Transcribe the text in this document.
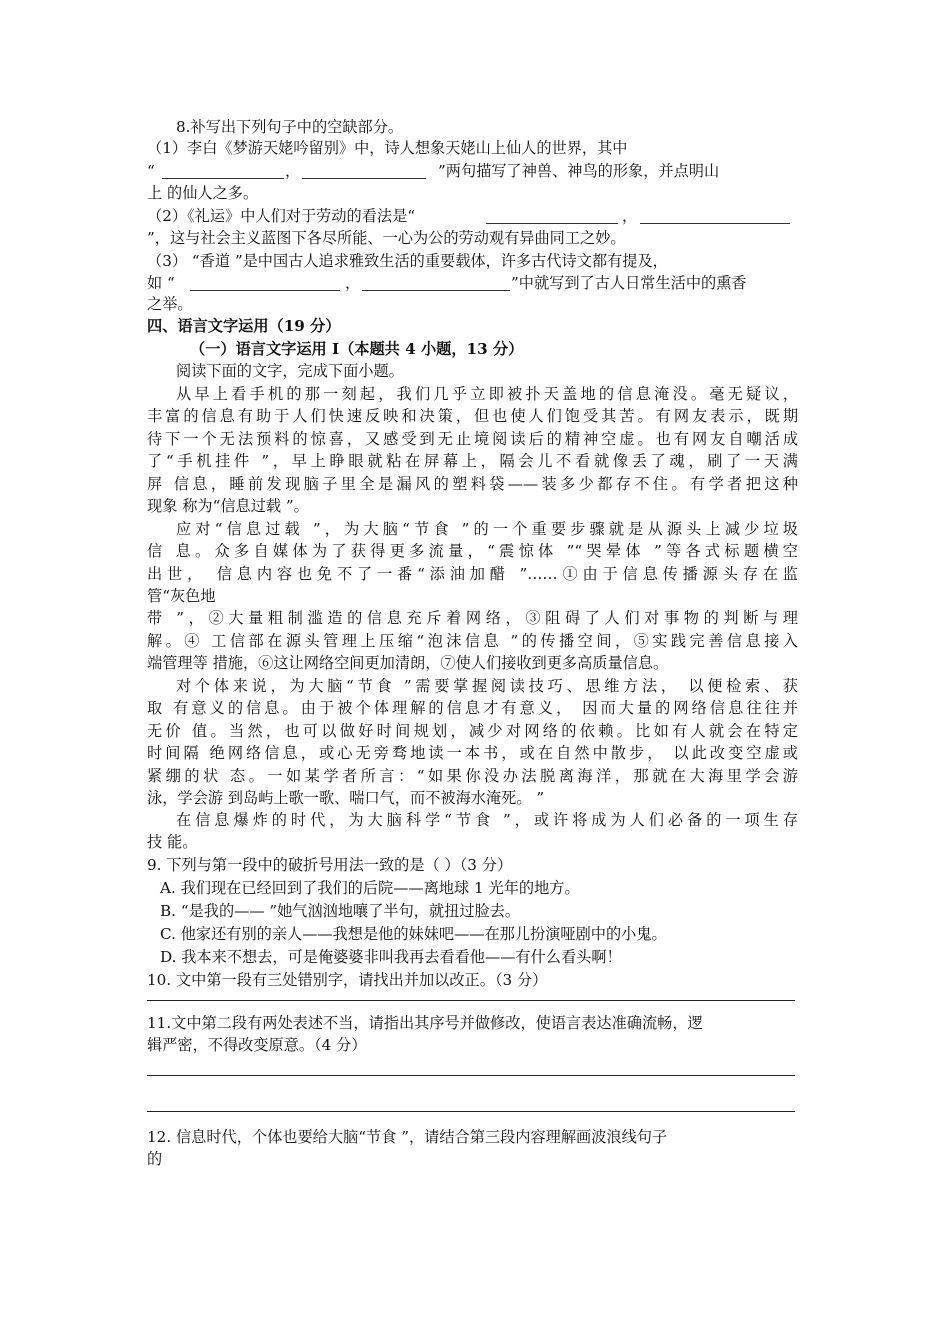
8.补写出下列句子中的空缺部分。
（1）李白《梦游天姥吟留别》中，诗人想象天姥山上仙人的世界，其中
“	，	”两句描写了神兽、神鸟的形象，并点明山
上 的仙人之多。
（2）《礼运》中人们对于劳动的看法是“	，
”，这与社会主义蓝图下各尽所能、一心为公的劳动观有异曲同工之妙。
（3） “香道 ”是中国古人追求雅致生活的重要载体，许多古代诗文都有提及，
如 “	，	”中就写到了古人日常生活中的熏香
之举。
四、语言文字运用（19 分）
（一）语言文字运用 Ⅰ（本题共 4 小题，13 分）
阅读下面的文字，完成下面小题。
从早上看手机的那一刻起，我们几乎立即被扑天盖地的信息淹没。毫无疑议，
丰富的信息有助于人们快速反映和决策，但也使人们饱受其苦。有网友表示，既期
待下一个无法预料的惊喜，又感受到无止境阅读后的精神空虚。也有网友自嘲活成
了“手机挂件 ”，早上睁眼就粘在屏幕上，隔会儿不看就像丢了魂，刷了一天满
屏 信息，睡前发现脑子里全是漏风的塑料袋——装多少都存不住。有学者把这种
现象 称为“信息过载 ”。
应对“信息过载 ”，为大脑“节食 ”的一个重要步骤就是从源头上减少垃圾
信 息。众多自媒体为了获得更多流量，“震惊体 ”“哭晕体 ”等各式标题横空
出世， 信息内容也免不了一番“添油加醋 ”……①由于信息传播源头存在监
管“灰色地
带 ”，②大量粗制滥造的信息充斥着网络，③阻碍了人们对事物的判断与理
解。④ 工信部在源头管理上压缩“泡沫信息 ”的传播空间，⑤实践完善信息接入
端管理等 措施，⑥这让网络空间更加清朗，⑦使人们接收到更多高质量信息。
对个体来说，为大脑“节食 ”需要掌握阅读技巧、思维方法， 以便检索、获
取 有意义的信息。由于被个体理解的信息才有意义， 因而大量的网络信息往往并
无价 值。当然，也可以做好时间规划，减少对网络的依赖。比如有人就会在特定
时间隔 绝网络信息，或心无旁骛地读一本书，或在自然中散步， 以此改变空虚或
紧绷的状 态。一如某学者所言：“如果你没办法脱离海洋，那就在大海里学会游
泳，学会游 到岛屿上歌一歌、喘口气，而不被海水淹死。 ”
在信息爆炸的时代，为大脑科学“节食 ”，或许将成为人们必备的一项生存
技 能。
9. 下列与第一段中的破折号用法一致的是（ ）（3 分）
A. 我们现在已经回到了我们的后院——离地球 1 光年的地方。
B. “是我的—— ”她气汹汹地嚷了半句，就扭过脸去。
C. 他家还有别的亲人——我想是他的妹妹吧——在那儿扮演哑剧中的小鬼。
D. 我本来不想去，可是俺婆婆非叫我再去看看他——有什么看头啊！
10. 文中第一段有三处错别字，请找出并加以改正。（3 分）
11.文中第二段有两处表述不当，请指出其序号并做修改，使语言表达准确流畅，逻
辑严密，不得改变原意。（4 分）
12. 信息时代，个体也要给大脑“节食 ”，请结合第三段内容理解画波浪线句子
的
